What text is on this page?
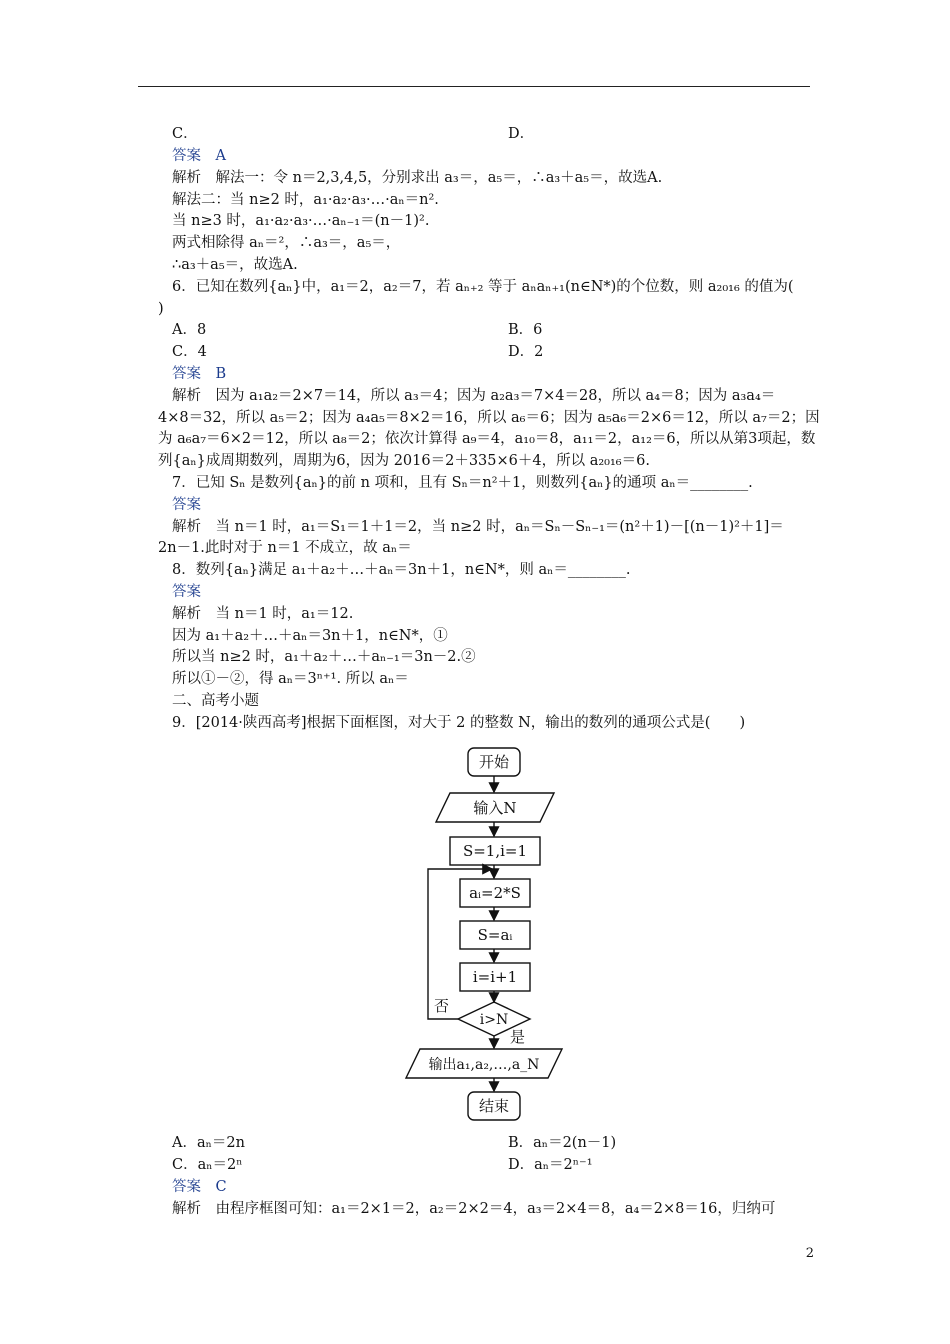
C．	D．
答案　A
解析　解法一：令 n＝2,3,4,5，分别求出 a₃＝，a₅＝，∴a₃＋a₅＝，故选A.
解法二：当 n≥2 时，a₁·a₂·a₃·…·aₙ＝n².
当 n≥3 时，a₁·a₂·a₃·…·aₙ₋₁＝(n－1)².
两式相除得 aₙ＝²，∴a₃＝，a₅＝，
∴a₃＋a₅＝，故选A.
6．已知在数列{aₙ}中，a₁＝2，a₂＝7，若 aₙ₊₂ 等于 aₙaₙ₊₁(n∈N*)的个位数，则 a₂₀₁₆ 的值为(
)
A．8	B．6
C．4	D．2
答案　B
解析　因为 a₁a₂＝2×7＝14，所以 a₃＝4；因为 a₂a₃＝7×4＝28，所以 a₄＝8；因为 a₃a₄＝
4×8＝32，所以 a₅＝2；因为 a₄a₅＝8×2＝16，所以 a₆＝6；因为 a₅a₆＝2×6＝12，所以 a₇＝2；因
为 a₆a₇＝6×2＝12，所以 a₈＝2；依次计算得 a₉＝4，a₁₀＝8，a₁₁＝2，a₁₂＝6，所以从第3项起，数
列{aₙ}成周期数列，周期为6，因为 2016＝2＋335×6＋4，所以 a₂₀₁₆＝6.
7．已知 Sₙ 是数列{aₙ}的前 n 项和，且有 Sₙ＝n²＋1，则数列{aₙ}的通项 aₙ＝________.
答案
解析　当 n＝1 时，a₁＝S₁＝1＋1＝2，当 n≥2 时，aₙ＝Sₙ－Sₙ₋₁＝(n²＋1)－[(n－1)²＋1]＝
2n－1.此时对于 n＝1 不成立，故 aₙ＝
8．数列{aₙ}满足 a₁＋a₂＋…＋aₙ＝3n＋1，n∈N*，则 aₙ＝________.
答案
解析　当 n＝1 时，a₁＝12.
因为 a₁＋a₂＋…＋aₙ＝3n＋1，n∈N*，①
所以当 n≥2 时，a₁＋a₂＋…＋aₙ₋₁＝3n－2.②
所以①－②，得 aₙ＝3ⁿ⁺¹. 所以 aₙ＝
二、高考小题
9．[2014·陕西高考]根据下面框图，对大于 2 的整数 N，输出的数列的通项公式是(　　)
开始
输入N
S=1,i=1
aᵢ=2*S
S=aᵢ
i=i+1
i>N
否
是
输出a₁,a₂,…,a_N
结束
A．aₙ＝2n	B．aₙ＝2(n－1)
C．aₙ＝2ⁿ	D．aₙ＝2ⁿ⁻¹
答案　C
解析　由程序框图可知：a₁＝2×1＝2，a₂＝2×2＝4，a₃＝2×4＝8，a₄＝2×8＝16，归纳可
2
